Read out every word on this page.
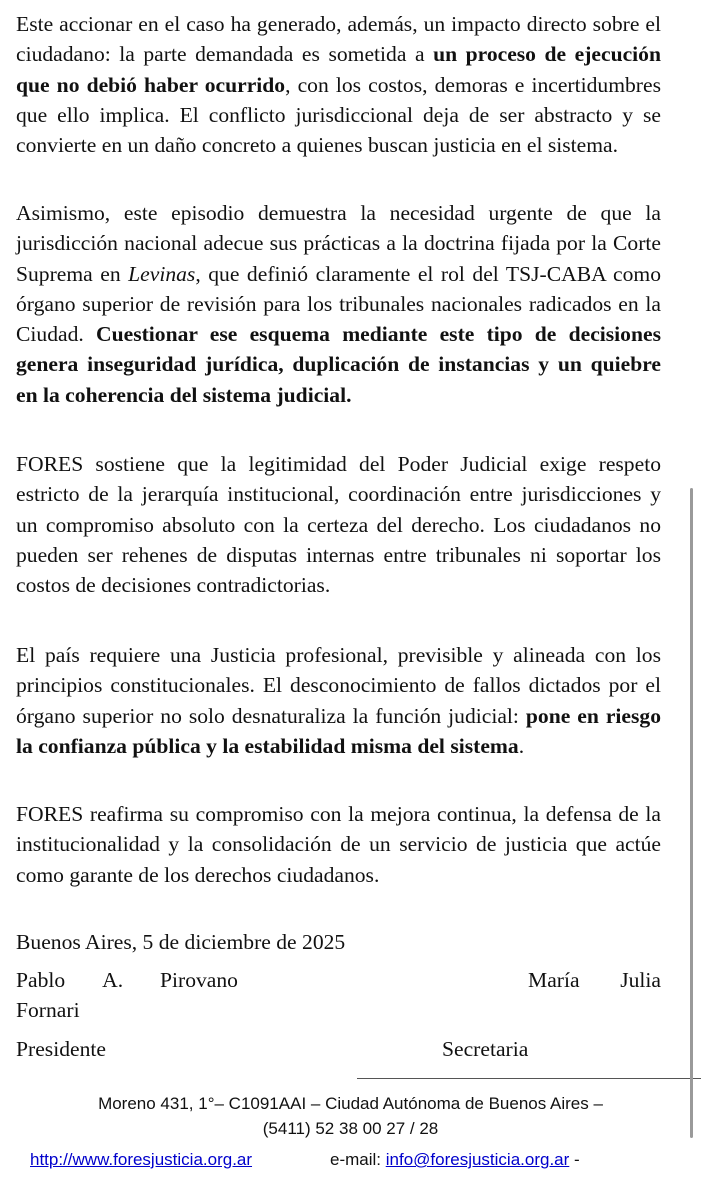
Este accionar en el caso ha generado, además, un impacto directo sobre el ciudadano: la parte demandada es sometida a un proceso de ejecución que no debió haber ocurrido, con los costos, demoras e incertidumbres que ello implica. El conflicto jurisdiccional deja de ser abstracto y se convierte en un daño concreto a quienes buscan justicia en el sistema.

Asimismo, este episodio demuestra la necesidad urgente de que la jurisdicción nacional adecue sus prácticas a la doctrina fijada por la Corte Suprema en Levinas, que definió claramente el rol del TSJ-CABA como órgano superior de revisión para los tribunales nacionales radicados en la Ciudad. Cuestionar ese esquema mediante este tipo de decisiones genera inseguridad jurídica, duplicación de instancias y un quiebre en la coherencia del sistema judicial.

FORES sostiene que la legitimidad del Poder Judicial exige respeto estricto de la jerarquía institucional, coordinación entre jurisdicciones y un compromiso absoluto con la certeza del derecho. Los ciudadanos no pueden ser rehenes de disputas internas entre tribunales ni soportar los costos de decisiones contradictorias.

El país requiere una Justicia profesional, previsible y alineada con los principios constitucionales. El desconocimiento de fallos dictados por el órgano superior no solo desnaturaliza la función judicial: pone en riesgo la confianza pública y la estabilidad misma del sistema.

FORES reafirma su compromiso con la mejora continua, la defensa de la institucionalidad y la consolidación de un servicio de justicia que actúe como garante de los derechos ciudadanos.

Buenos Aires, 5 de diciembre de 2025
Pablo A. Pirovano
Fornari
María Julia
Presidente	Secretaria
Moreno 431, 1°– C1091AAI – Ciudad Autónoma de Buenos Aires –
(5411) 52 38 00 27 / 28
http://www.foresjusticia.org.ar	e-mail: info@foresjusticia.org.ar -
